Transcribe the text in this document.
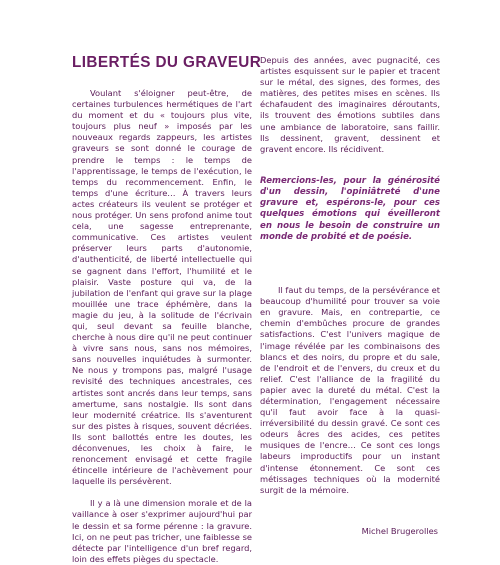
LIBERTÉS DU GRAVEUR

Voulant s'éloigner peut-être, de certaines turbulences hermétiques de l'art du moment et du « toujours plus vite, toujours plus neuf » imposés par les nouveaux regards zappeurs, les artistes graveurs se sont donné le courage de prendre le temps : le temps de l'apprentissage, le temps de l'exécution, le temps du recommencement. Enfin, le temps d'une écriture… À travers leurs actes créateurs ils veulent se protéger et nous protéger. Un sens profond anime tout cela, une sagesse entreprenante, communicative. Ces artistes veulent préserver leurs parts d'autonomie, d'authenticité, de liberté intellectuelle qui se gagnent dans l'effort, l'humilité et le plaisir. Vaste posture qui va, de la jubilation de l'enfant qui grave sur la plage mouillée une trace éphémère, dans la magie du jeu, à la solitude de l'écrivain qui, seul devant sa feuille blanche, cherche à nous dire qu'il ne peut continuer à vivre sans nous, sans nos mémoires, sans nouvelles inquiétudes à surmonter. Ne nous y trompons pas, malgré l'usage revisité des techniques ancestrales, ces artistes sont ancrés dans leur temps, sans amertume, sans nostalgie. Ils sont dans leur modernité créatrice. Ils s'aventurent sur des pistes à risques, souvent décriées. Ils sont ballottés entre les doutes, les déconvenues, les choix à faire, le renoncement envisagé et cette fragile étincelle intérieure de l'achèvement pour laquelle ils persévèrent.

Il y a là une dimension morale et de la vaillance à oser s'exprimer aujourd'hui par le dessin et sa forme pérenne : la gravure. Ici, on ne peut pas tricher, une faiblesse se détecte par l'intelligence d'un bref regard, loin des effets pièges du spectacle.

Depuis des années, avec pugnacité, ces artistes esquissent sur le papier et tracent sur le métal, des signes, des formes, des matières, des petites mises en scènes. Ils échafaudent des imaginaires déroutants, ils trouvent des émotions subtiles dans une ambiance de laboratoire, sans faillir. Ils dessinent, gravent, dessinent et gravent encore. Ils récidivent.

Remercions-les, pour la générosité d'un dessin, l'opiniâtreté d'une gravure et, espérons-le, pour ces quelques émotions qui éveilleront en nous le besoin de construire un monde de probité et de poésie.

Il faut du temps, de la persévérance et beaucoup d'humilité pour trouver sa voie en gravure. Mais, en contrepartie, ce chemin d'embûches procure de grandes satisfactions. C'est l'univers magique de l'image révélée par les combinaisons des blancs et des noirs, du propre et du sale, de l'endroit et de l'envers, du creux et du relief. C'est l'alliance de la fragilité du papier avec la dureté du métal. C'est la détermination, l'engagement nécessaire qu'il faut avoir face à la quasi-irréversibilité du dessin gravé. Ce sont ces odeurs âcres des acides, ces petites musiques de l'encre… Ce sont ces longs labeurs improductifs pour un instant d'intense étonnement. Ce sont ces métissages techniques où la modernité surgit de la mémoire.

Michel Brugerolles
